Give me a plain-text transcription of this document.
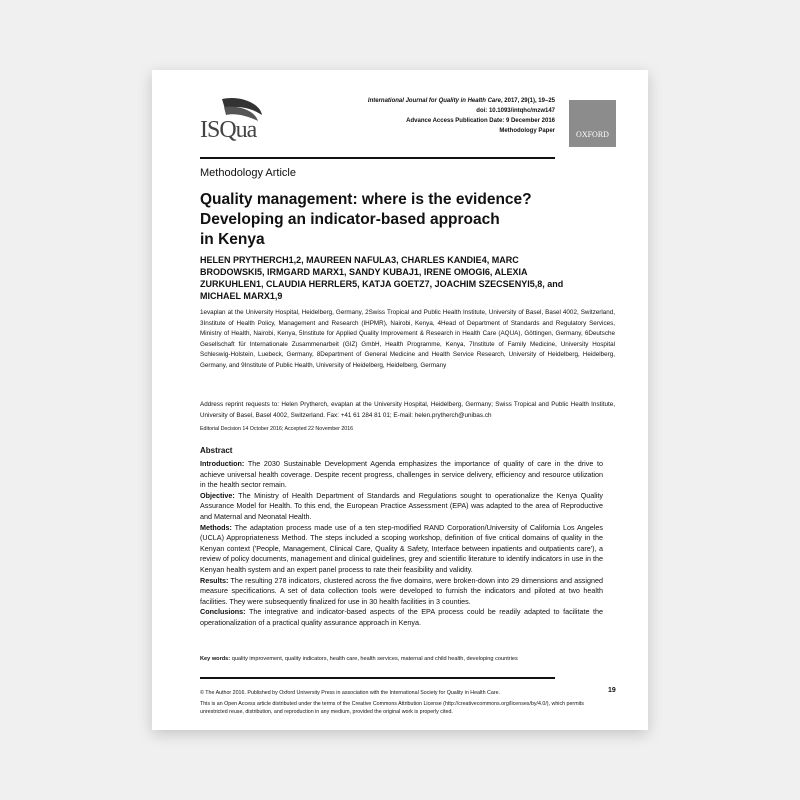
ISQua
International Journal for Quality in Health Care, 2017, 29(1), 19–25
doi: 10.1093/intqhc/mzw147
Advance Access Publication Date: 9 December 2016
Methodology Paper	OXFORD
Methodology Article
Quality management: where is the evidence?
Developing an indicator-based approach
in Kenya
HELEN PRYTHERCH1,2, MAUREEN NAFULA3, CHARLES KANDIE4, MARC BRODOWSKI5, IRMGARD MARX1, SANDY KUBAJ1, IRENE OMOGI6, ALEXIA ZURKUHLEN1, CLAUDIA HERRLER5, KATJA GOETZ7, JOACHIM SZECSENYI5,8, and MICHAEL MARX1,9
1evaplan at the University Hospital, Heidelberg, Germany, 2Swiss Tropical and Public Health Institute, University of Basel, Basel 4002, Switzerland, 3Institute of Health Policy, Management and Research (IHPMR), Nairobi, Kenya, 4Head of Department of Standards and Regulatory Services, Ministry of Health, Nairobi, Kenya, 5Institute for Applied Quality Improvement & Research in Health Care (AQUA), Göttingen, Germany, 6Deutsche Gesellschaft für Internationale Zusammenarbeit (GIZ) GmbH, Health Programme, Kenya, 7Institute of Family Medicine, University Hospital Schleswig-Holstein, Luebeck, Germany, 8Department of General Medicine and Health Service Research, University of Heidelberg, Heidelberg, Germany, and 9Institute of Public Health, University of Heidelberg, Heidelberg, Germany
Address reprint requests to: Helen Prytherch, evaplan at the University Hospital, Heidelberg, Germany; Swiss Tropical and Public Health Institute, University of Basel, Basel 4002, Switzerland. Fax: +41 61 284 81 01; E-mail: helen.prytherch@unibas.ch
Editorial Decision 14 October 2016; Accepted 22 November 2016
Abstract

Introduction: The 2030 Sustainable Development Agenda emphasizes the importance of quality of care in the drive to achieve universal health coverage. Despite recent progress, challenges in service delivery, efficiency and resource utilization in the health sector remain.

Objective: The Ministry of Health Department of Standards and Regulations sought to operationalize the Kenya Quality Assurance Model for Health. To this end, the European Practice Assessment (EPA) was adapted to the area of Reproductive and Maternal and Neonatal Health.

Methods: The adaptation process made use of a ten step-modified RAND Corporation/University of California Los Angeles (UCLA) Appropriateness Method. The steps included a scoping workshop, definition of five critical domains of quality in the Kenyan context ('People, Management, Clinical Care, Quality & Safety, Interface between inpatients and outpatients care'), a review of policy documents, management and clinical guidelines, grey and scientific literature to identify indicators in use in the Kenyan health system and an expert panel process to rate their feasibility and validity.

Results: The resulting 278 indicators, clustered across the five domains, were broken-down into 29 dimensions and assigned measure specifications. A set of data collection tools were developed to furnish the indicators and piloted at two health facilities. They were subsequently finalized for use in 30 health facilities in 3 counties.

Conclusions: The integrative and indicator-based aspects of the EPA process could be readily adapted to facilitate the operationalization of a practical quality assurance approach in Kenya.

Key words: quality improvement, quality indicators, health care, health services, maternal and child health, developing countries
© The Author 2016. Published by Oxford University Press in association with the International Society for Quality in Health Care.
This is an Open Access article distributed under the terms of the Creative Commons Attribution License (http://creativecommons.org/licenses/by/4.0/), which permits unrestricted reuse, distribution, and reproduction in any medium, provided the original work is properly cited.
19
